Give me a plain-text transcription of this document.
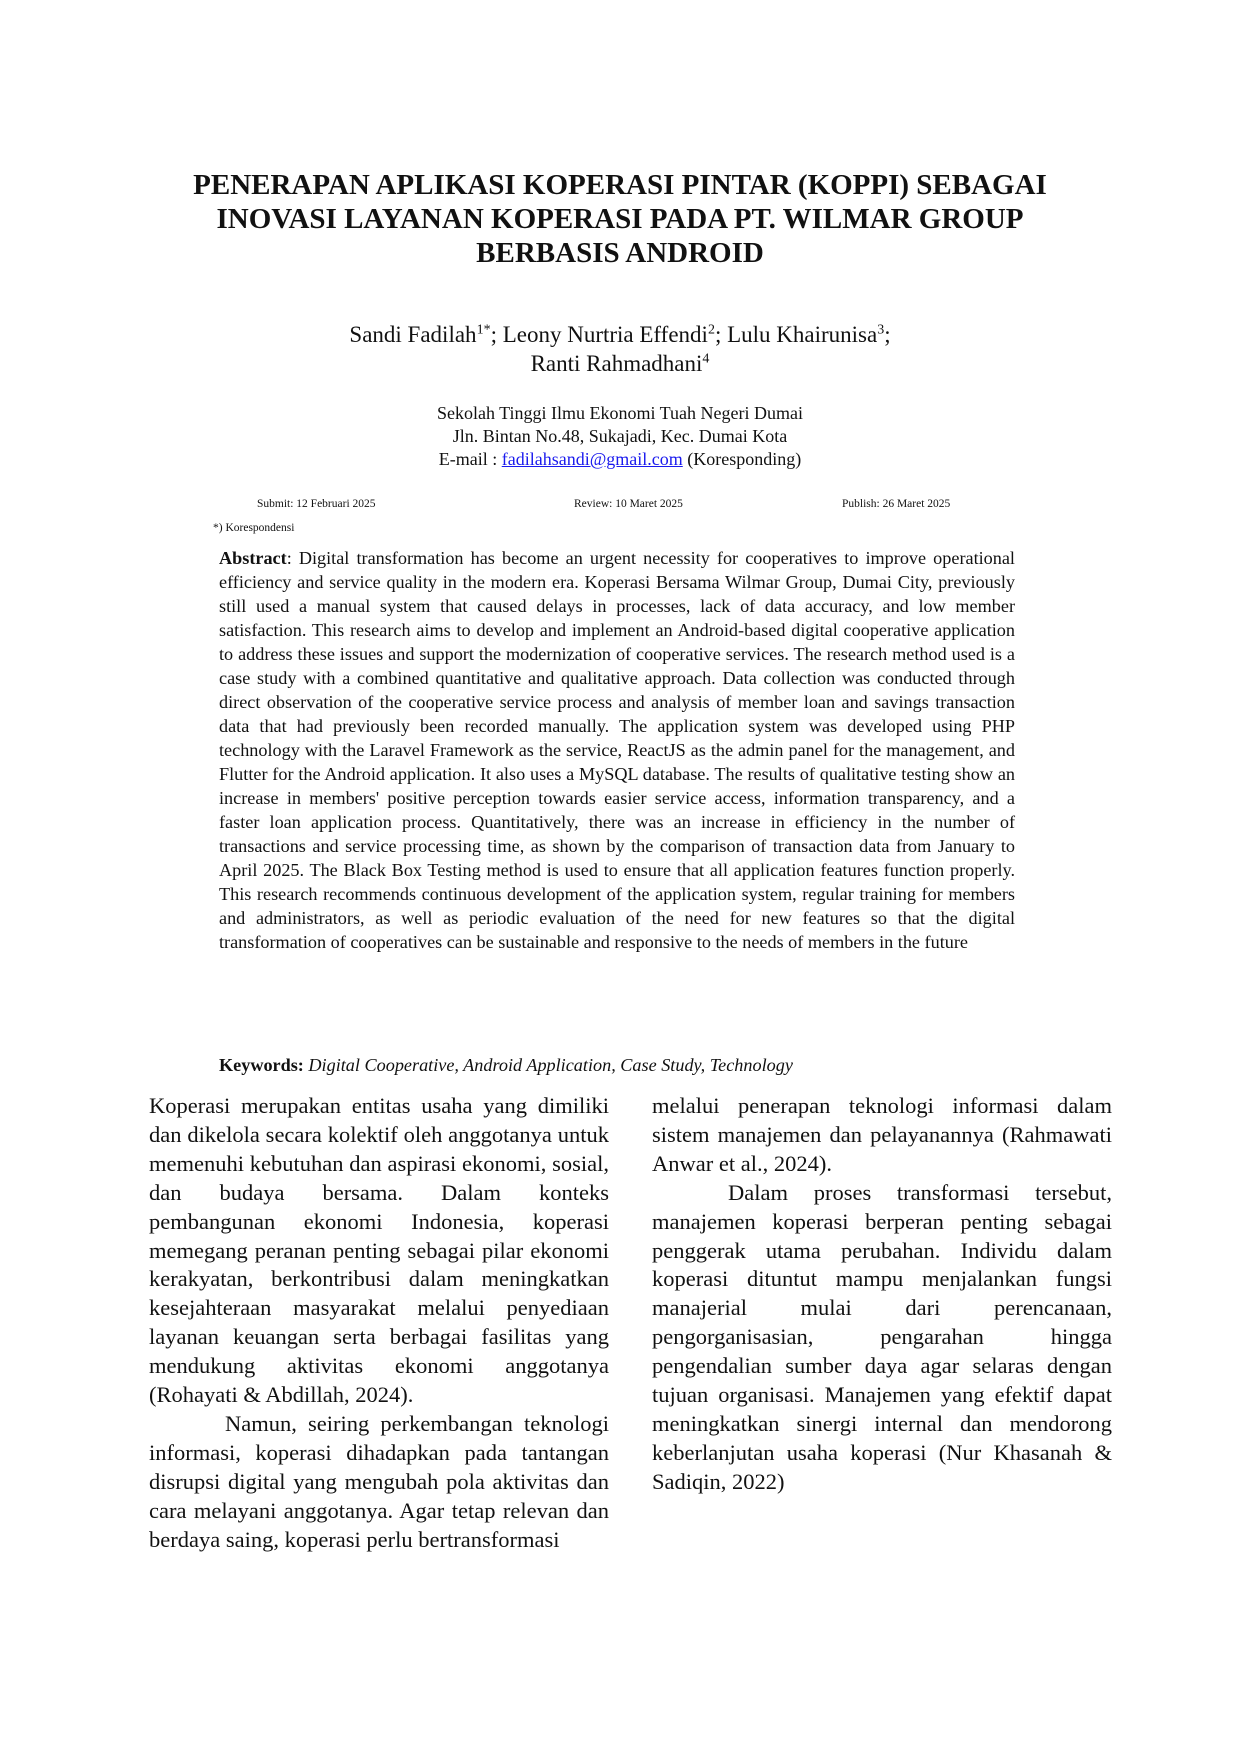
PENERAPAN APLIKASI KOPERASI PINTAR (KOPPI) SEBAGAI
INOVASI LAYANAN KOPERASI PADA PT. WILMAR GROUP
BERBASIS ANDROID
Sandi Fadilah$^{1*}$; Leony Nurtria Effendi$^2$; Lulu Khairunisa$^3$;
Ranti Rahmadhani$^4$
Sekolah Tinggi Ilmu Ekonomi Tuah Negeri Dumai
Jln. Bintan No.48, Sukajadi, Kec. Dumai Kota
E-mail : fadilahsandi@gmail.com (Koresponding)
Submit: 12 Februari 2025	Review: 10 Maret 2025	Publish: 26 Maret 2025
*) Korespondensi
Abstract: Digital transformation has become an urgent necessity for cooperatives to improve operational efficiency and service quality in the modern era. Koperasi Bersama Wilmar Group, Dumai City, previously still used a manual system that caused delays in processes, lack of data accuracy, and low member satisfaction. This research aims to develop and implement an Android-based digital cooperative application to address these issues and support the modernization of cooperative services. The research method used is a case study with a combined quantitative and qualitative approach. Data collection was conducted through direct observation of the cooperative service process and analysis of member loan and savings transaction data that had previously been recorded manually. The application system was developed using PHP technology with the Laravel Framework as the service, ReactJS as the admin panel for the management, and Flutter for the Android application. It also uses a MySQL database. The results of qualitative testing show an increase in members' positive perception towards easier service access, information transparency, and a faster loan application process. Quantitatively, there was an increase in efficiency in the number of transactions and service processing time, as shown by the comparison of transaction data from January to April 2025. The Black Box Testing method is used to ensure that all application features function properly. This research recommends continuous development of the application system, regular training for members and administrators, as well as periodic evaluation of the need for new features so that the digital transformation of cooperatives can be sustainable and responsive to the needs of members in the future
Keywords: Digital Cooperative, Android Application, Case Study, Technology

Koperasi merupakan entitas usaha yang dimiliki dan dikelola secara kolektif oleh anggotanya untuk memenuhi kebutuhan dan aspirasi ekonomi, sosial, dan budaya bersama. Dalam konteks pembangunan ekonomi Indonesia, koperasi memegang peranan penting sebagai pilar ekonomi kerakyatan, berkontribusi dalam meningkatkan kesejahteraan masyarakat melalui penyediaan layanan keuangan serta berbagai fasilitas yang mendukung aktivitas ekonomi anggotanya (Rohayati & Abdillah, 2024).

Namun, seiring perkembangan teknologi informasi, koperasi dihadapkan pada tantangan disrupsi digital yang mengubah pola aktivitas dan cara melayani anggotanya. Agar tetap relevan dan berdaya saing, koperasi perlu bertransformasi

melalui penerapan teknologi informasi dalam sistem manajemen dan pelayanannya (Rahmawati Anwar et al., 2024).

Dalam proses transformasi tersebut, manajemen koperasi berperan penting sebagai penggerak utama perubahan. Individu dalam koperasi dituntut mampu menjalankan fungsi manajerial mulai dari perencanaan, pengorganisasian, pengarahan hingga pengendalian sumber daya agar selaras dengan tujuan organisasi. Manajemen yang efektif dapat meningkatkan sinergi internal dan mendorong keberlanjutan usaha koperasi (Nur Khasanah & Sadiqin, 2022)
